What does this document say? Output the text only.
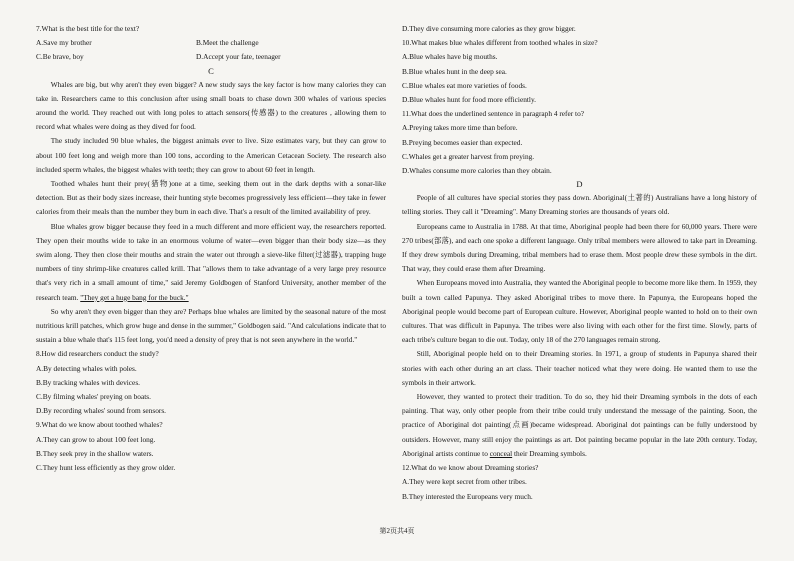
7.What is the best title for the text?
A.Save my brother	B.Meet the challenge
C.Be brave, boy	D.Accept your fate, teenager

C

Whales are big, but why aren't they even bigger? A new study says the key factor is how many calories they can take in. Researchers came to this conclusion after using small boats to chase down 300 whales of various species around the world. They reached out with long poles to attach sensors(传感器) to the creatures , allowing them to record what whales were doing as they dived for food.

The study included 90 blue whales, the biggest animals ever to live. Size estimates vary, but they can grow to about 100 feet long and weigh more than 100 tons, according to the American Cetacean Society. The research also included sperm whales, the biggest whales with teeth; they can grow to about 60 feet in length.

Toothed whales hunt their prey(猎物)one at a time, seeking them out in the dark depths with a sonar-like detection. But as their body sizes increase, their hunting style becomes progressively less efficient—they take in fewer calories from their meals than the number they burn in each dive. That's a result of the limited availability of prey.

Blue whales grow bigger because they feed in a much different and more efficient way, the researchers reported. They open their mouths wide to take in an enormous volume of water—even bigger than their body size—as they swim along. They then close their mouths and strain the water out through a sieve-like filter(过滤器), trapping huge numbers of tiny shrimp-like creatures called krill. That "allows them to take advantage of a very large prey resource that's very rich in a small amount of time," said Jeremy Goldbogen of Stanford University, another member of the research team. "They get a huge bang for the buck."

So why aren't they even bigger than they are? Perhaps blue whales are limited by the seasonal nature of the most nutritious krill patches, which grow huge and dense in the summer," Goldbogen said. "And calculations indicate that to sustain a blue whale that's 115 feet long, you'd need a density of prey that is not seen anywhere in the world."

8.How did researchers conduct the study?
A.By detecting whales with poles.
B.By tracking whales with devices.
C.By filming whales' preying on boats.
D.By recording whales' sound from sensors.
9.What do we know about toothed whales?
A.They can grow to about 100 feet long.
B.They seek prey in the shallow waters.
C.They hunt less efficiently as they grow older.
D.They dive consuming more calories as they grow bigger.
10.What makes blue whales different from toothed whales in size?
A.Blue whales have big mouths.
B.Blue whales hunt in the deep sea.
C.Blue whales eat more varieties of foods.
D.Blue whales hunt for food more efficiently.
11.What does the underlined sentence in paragraph 4 refer to?
A.Preying takes more time than before.
B.Preying becomes easier than expected.
C.Whales get a greater harvest from preying.
D.Whales consume more calories than they obtain.

D

People of all cultures have special stories they pass down. Aboriginal(土著的) Australians have a long history of telling stories. They call it "Dreaming". Many Dreaming stories are thousands of years old.

Europeans came to Australia in 1788. At that time, Aboriginal people had been there for 60,000 years. There were 270 tribes(部落), and each one spoke a different language. Only tribal members were allowed to take part in Dreaming. If they drew symbols during Dreaming, tribal members had to erase them. Most people drew these symbols in the dirt. That way, they could erase them after Dreaming.

When Europeans moved into Australia, they wanted the Aboriginal people to become more like them. In 1959, they built a town called Papunya. They asked Aboriginal tribes to move there. In Papunya, the Europeans hoped the Aboriginal people would become part of European culture. However, Aboriginal people wanted to hold on to their own cultures. That was difficult in Papunya. The tribes were also living with each other for the first time. Slowly, parts of each tribe's culture began to die out. Today, only 18 of the 270 languages remain strong.

Still, Aboriginal people held on to their Dreaming stories. In 1971, a group of students in Papunya shared their stories with each other during an art class. Their teacher noticed what they were doing. He wanted them to use the symbols in their artwork.

However, they wanted to protect their tradition. To do so, they hid their Dreaming symbols in the dots of each painting. That way, only other people from their tribe could truly understand the message of the painting. Soon, the practice of Aboriginal dot painting(点画)became widespread. Aboriginal dot paintings can be fully understood by outsiders. However, many still enjoy the paintings as art. Dot painting became popular in the late 20th century. Today, Aboriginal artists continue to conceal their Dreaming symbols.

12.What do we know about Dreaming stories?
A.They were kept secret from other tribes.
B.They interested the Europeans very much.
第2页共4页
